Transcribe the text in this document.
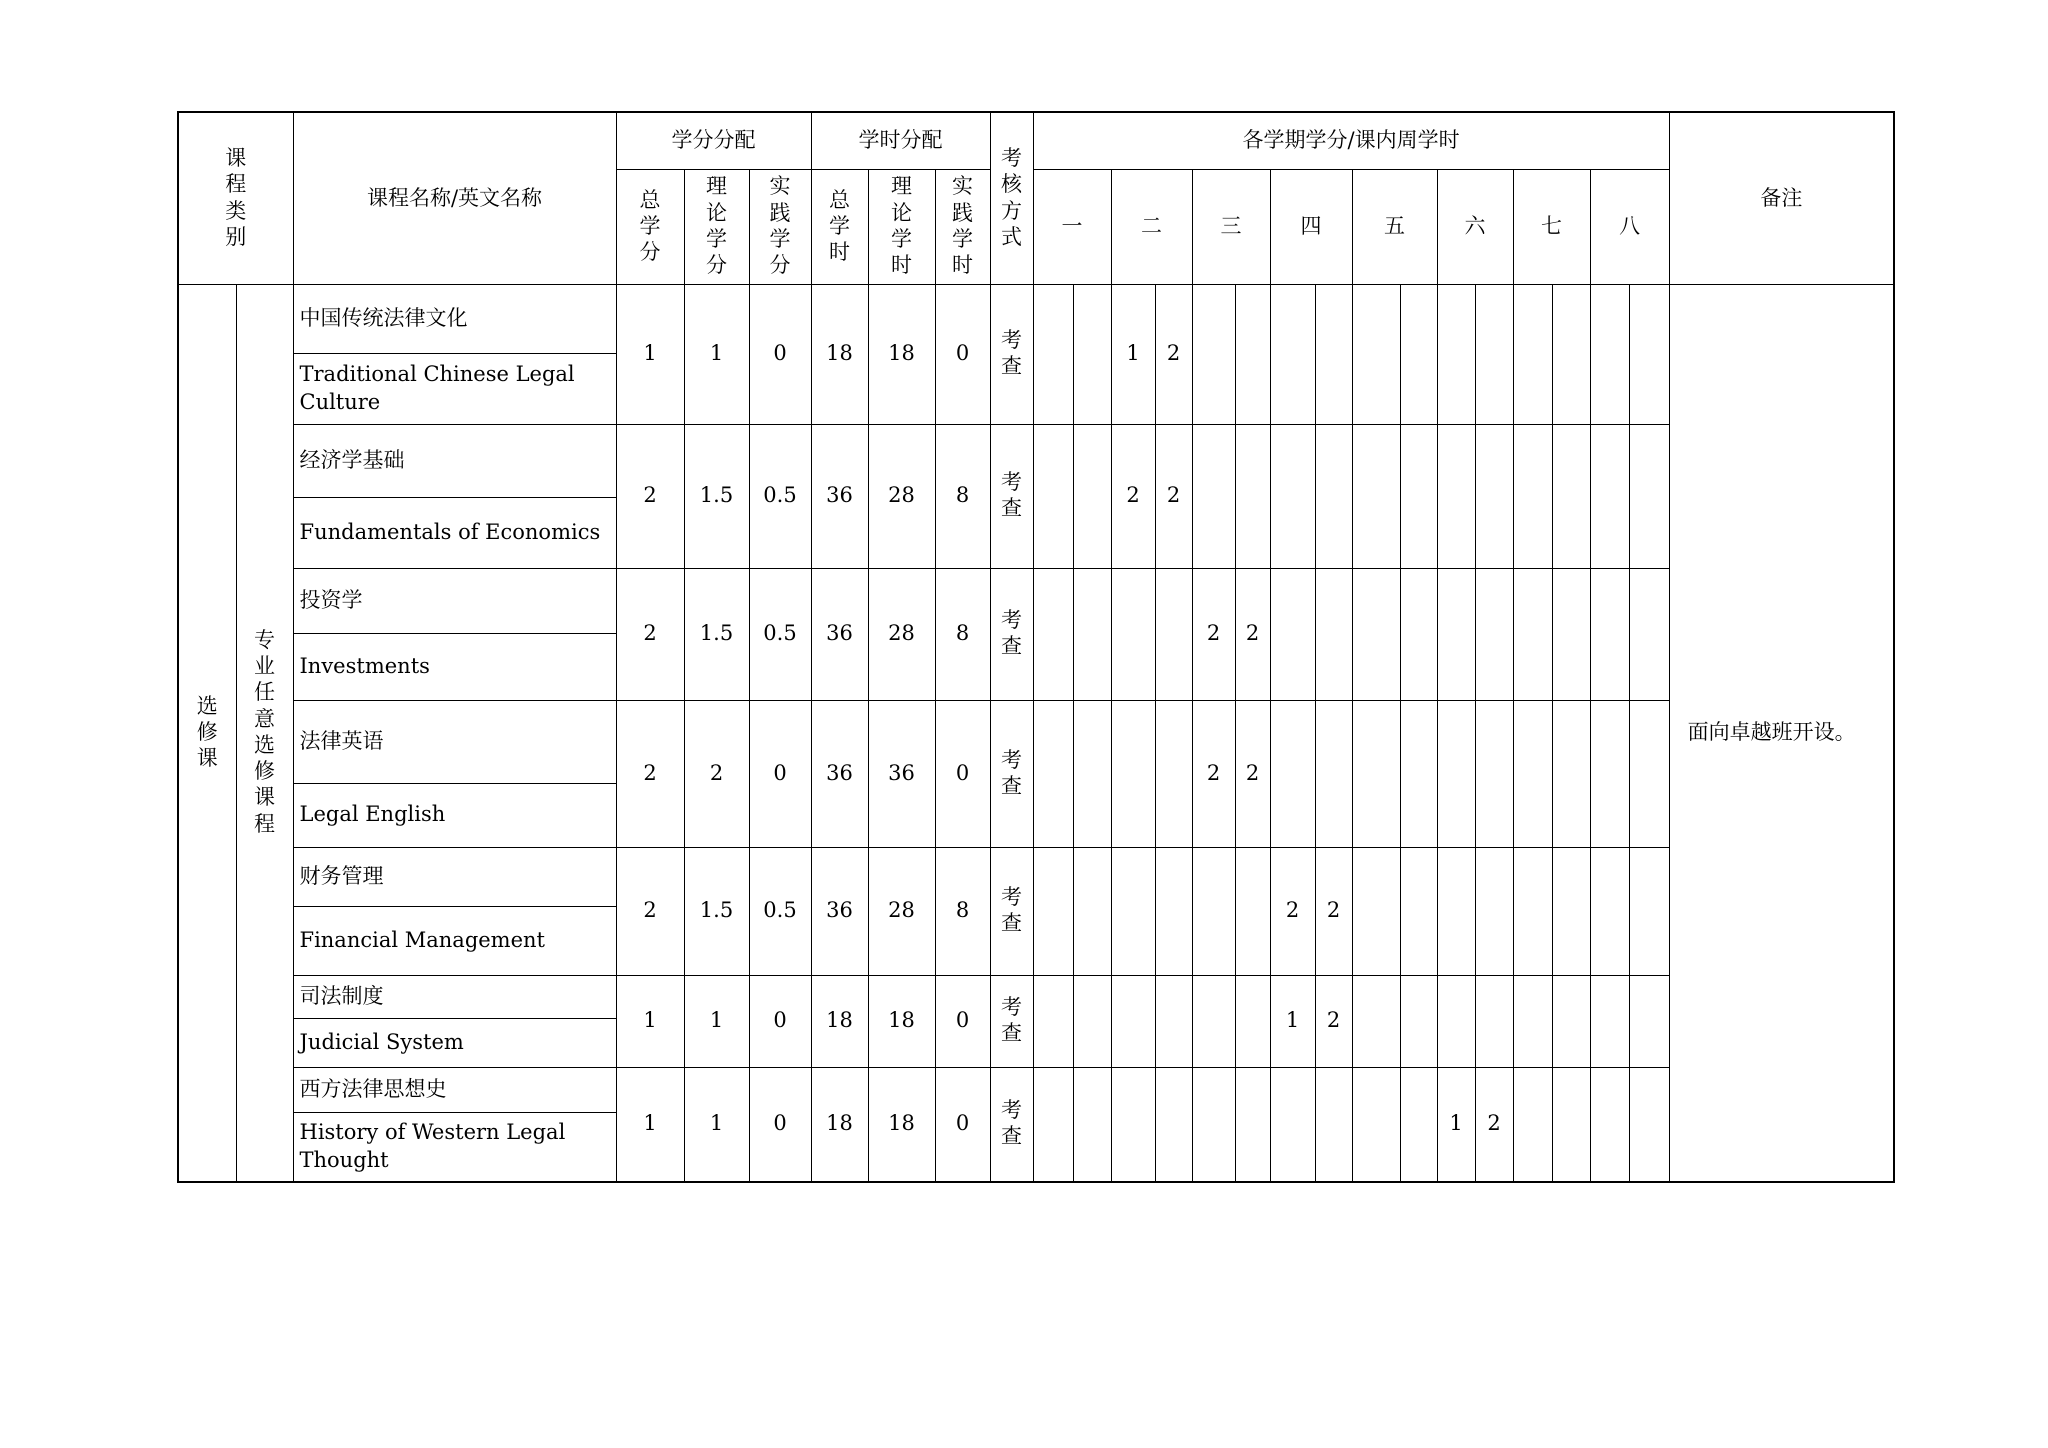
课程类别		课程名称/英文名称	学分分配			学时分配			考核方式	各学期学分/课内周学时																备注
			总学分	理论学分	实践学分	总学时	理论学时	实践学时		一		二		三		四		五		六		七		八		
选修课	专业任意选修课程	中国传统法律文化	1	1	0	18	18	0	考查			1	2													面向卓越班开设。
		Traditional Chinese Legal Culture																								
		经济学基础	2	1.5	0.5	36	28	8	考查			2	2													
		Fundamentals of Economics																								
		投资学	2	1.5	0.5	36	28	8	考查					2	2											
		Investments																								
		法律英语	2	2	0	36	36	0	考查					2	2											
		Legal English																								
		财务管理	2	1.5	0.5	36	28	8	考查							2	2									
		Financial Management																								
		司法制度	1	1	0	18	18	0	考查							1	2									
		Judicial System																								
		西方法律思想史	1	1	0	18	18	0	考查											1	2					
		History of Western Legal Thought																								
